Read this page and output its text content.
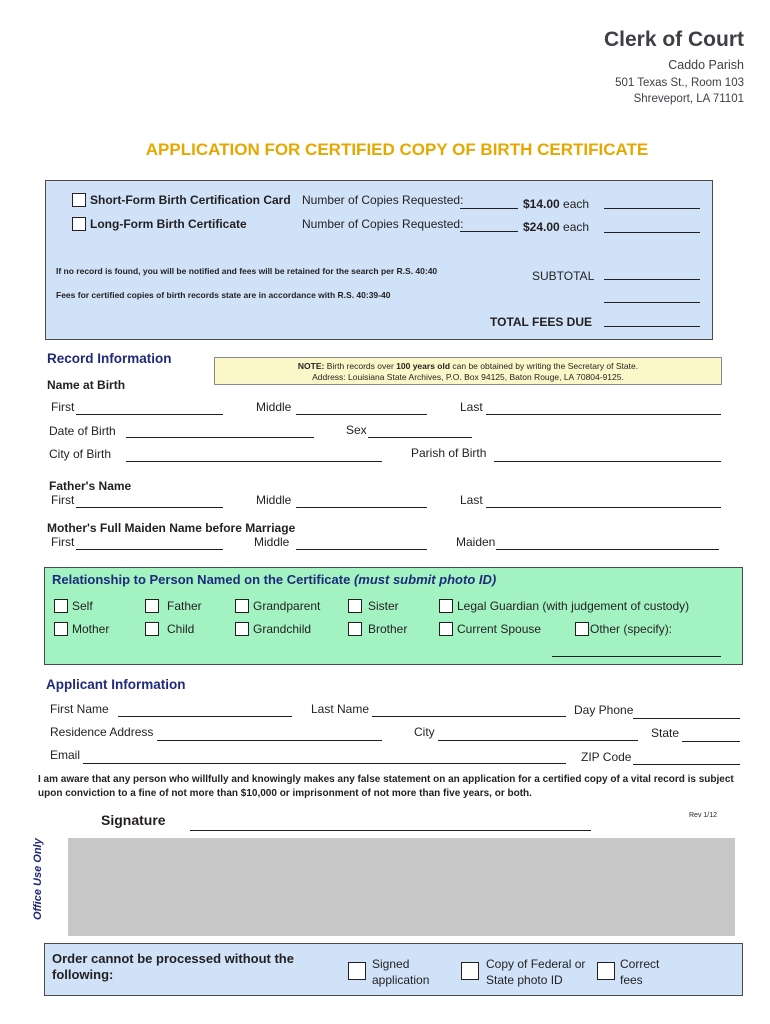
Clerk of Court
Caddo Parish
501 Texas St., Room 103
Shreveport, LA 71101
APPLICATION FOR CERTIFIED COPY OF BIRTH CERTIFICATE
Short-Form Birth Certification Card Number of Copies Requested:	$14.00 each
Long-Form Birth Certificate	Number of Copies Requested:	$24.00 each
If no record is found, you will be notified and fees will be retained for the search per R.S. 40:40	SUBTOTAL
Fees for certified copies of birth records state are in accordance with R.S. 40:39-40
TOTAL FEES DUE
Record Information	NOTE: Birth records over 100 years old can be obtained by writing the Secretary of State.
Address: Louisiana State Archives, P.O. Box 94125, Baton Rouge, LA 70804-9125.
Name at Birth
First	Middle	Last
Date of Birth	Sex
City of Birth	Parish of Birth
Father's Name
First	Middle	Last
Mother's Full Maiden Name before Marriage
First	Middle	Maiden
Relationship to Person Named on the Certificate (must submit photo ID)
Self	Father	Grandparent	Sister	Legal Guardian (with judgement of custody)
Mother	Child	Grandchild	Brother	Current Spouse	Other (specify):
Applicant Information
First Name	Last Name	Day Phone
Residence Address	City	State
Email	ZIP Code
I am aware that any person who willfully and knowingly makes any false statement on an application for a certified copy of a vital record is subject upon conviction to a fine of not more than $10,000 or imprisonment of not more than five years, or both.
Signature	Rev 1/12
Office Use Only
Order cannot be processed without the following:
Signed
application
Copy of Federal or
State photo ID
Correct
fees
